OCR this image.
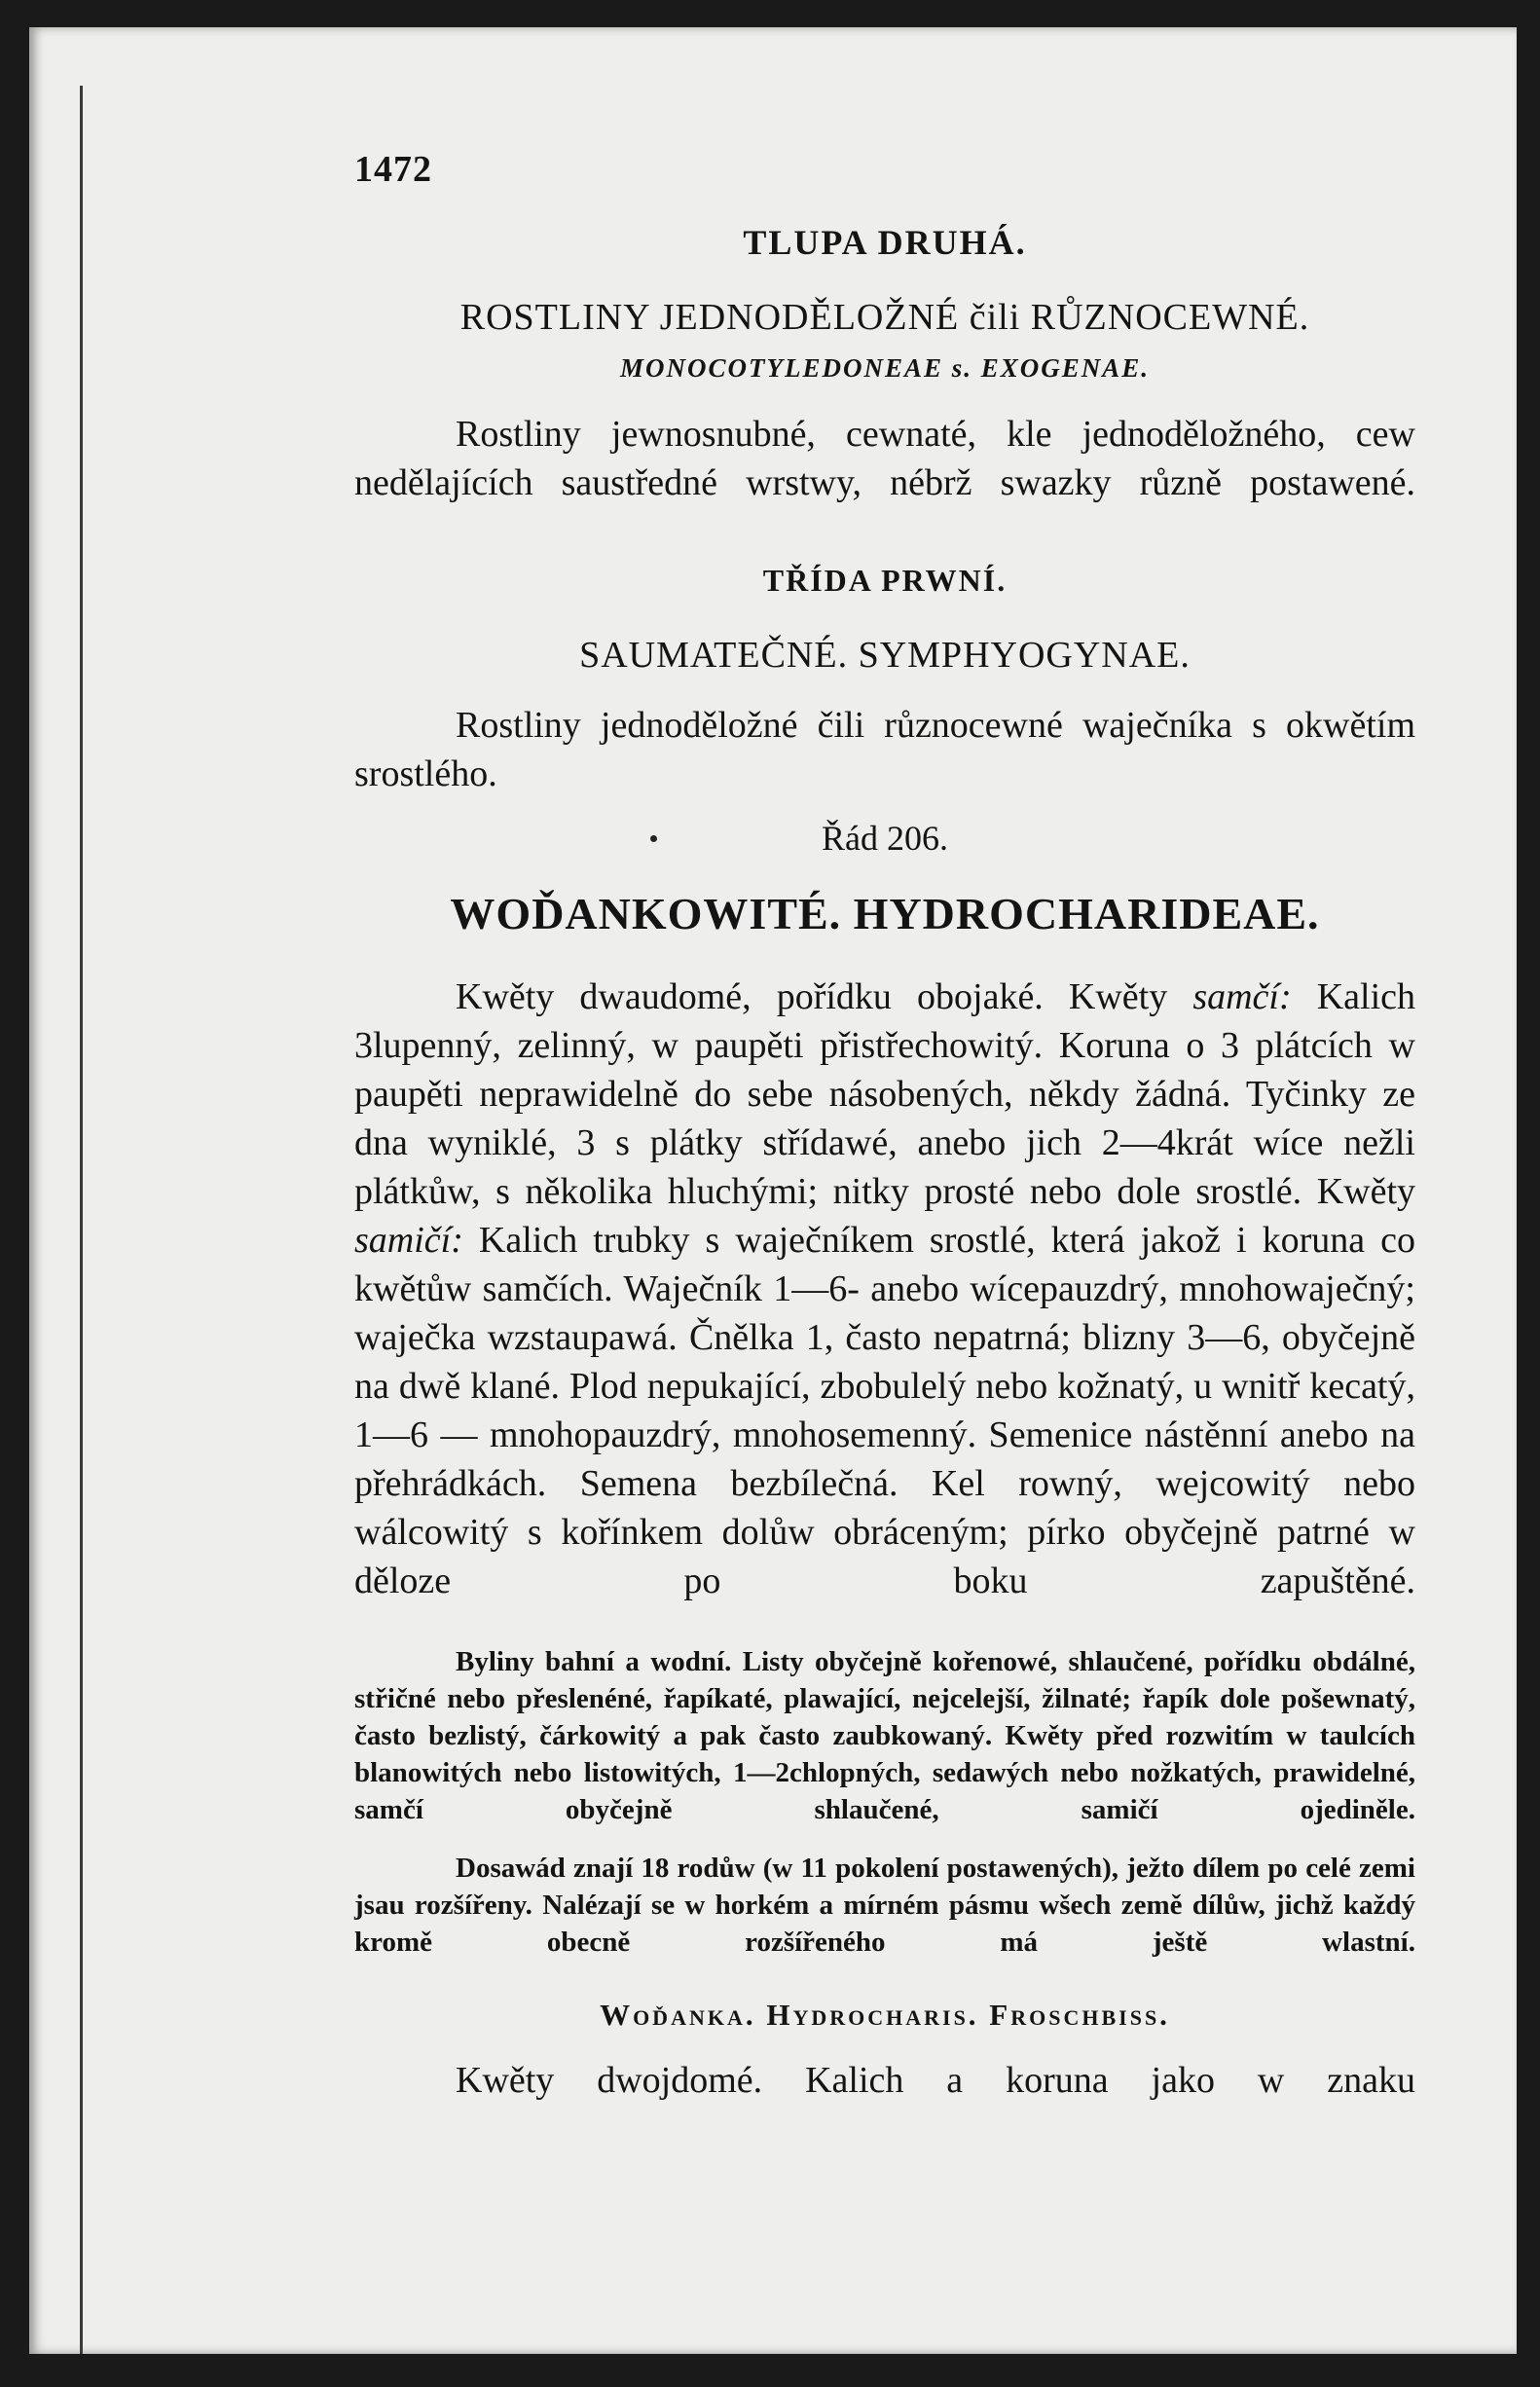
1472
TLUPA DRUHÁ.
ROSTLINY JEDNODĚLOŽNÉ čili RŮZNOCEWNÉ.
MONOCOTYLEDONEAE s. EXOGENAE.

Rostliny jewnosnubné, cewnaté, kle jednoděložného, cew nedělajících saustředné wrstwy, nébrž swazky různě postawené.

TŘÍDA PRWNÍ.
SAUMATEČNÉ. SYMPHYOGYNAE.

Rostliny jednoděložné čili různocewné waječníka s okwětím srostlého.

Řád 206.
WOĎANKOWITÉ. HYDROCHARIDEAE.

Kwěty dwaudomé, pořídku obojaké. Kwěty samčí: Kalich 3lupenný, zelinný, w paupěti přistřechowitý. Koruna o 3 plátcích w paupěti neprawidelně do sebe násobených, někdy žádná. Tyčinky ze dna wyniklé, 3 s plátky střídawé, anebo jich 2—4krát wíce nežli plátkůw, s několika hluchými; nitky prosté nebo dole srostlé. Kwěty samičí: Kalich trubky s waječníkem srostlé, která jakož i koruna co kwětůw samčích. Waječník 1—6- anebo wícepauzdrý, mnohowaječný; waječka wzstaupawá. Čnělka 1, často nepatrná; blizny 3—6, obyčejně na dwě klané. Plod nepukající, zbobulelý nebo kožnatý, u wnitř kecatý, 1—6 — mnohopauzdrý, mnohosemenný. Semenice nástěnní anebo na přehrádkách. Semena bezbílečná. Kel rowný, wejcowitý nebo wálcowitý s kořínkem dolůw obráceným; pírko obyčejně patrné w děloze po boku zapuštěné.

Byliny bahní a wodní. Listy obyčejně kořenowé, shlaučené, pořídku obdálné, střičné nebo přeslenéné, řapíkaté, plawající, nejcelejší, žilnaté; řapík dole pošewnatý, často bezlistý, čárkowitý a pak často zaubkowaný. Kwěty před rozwitím w taulcích blanowitých nebo listowitých, 1—2chlopných, sedawých nebo nožkatých, prawidelné, samčí obyčejně shlaučené, samičí ojediněle.

Dosawád znají 18 rodůw (w 11 pokolení postawených), ježto dílem po celé zemi jsau rozšířeny. Nalézají se w horkém a mírném pásmu wšech země dílůw, jichž každý kromě obecně rozšířeného má ještě wlastní.

Woďanka. Hydrocharis. Froschbiss.

Kwěty dwojdomé. Kalich a koruna jako w znaku
